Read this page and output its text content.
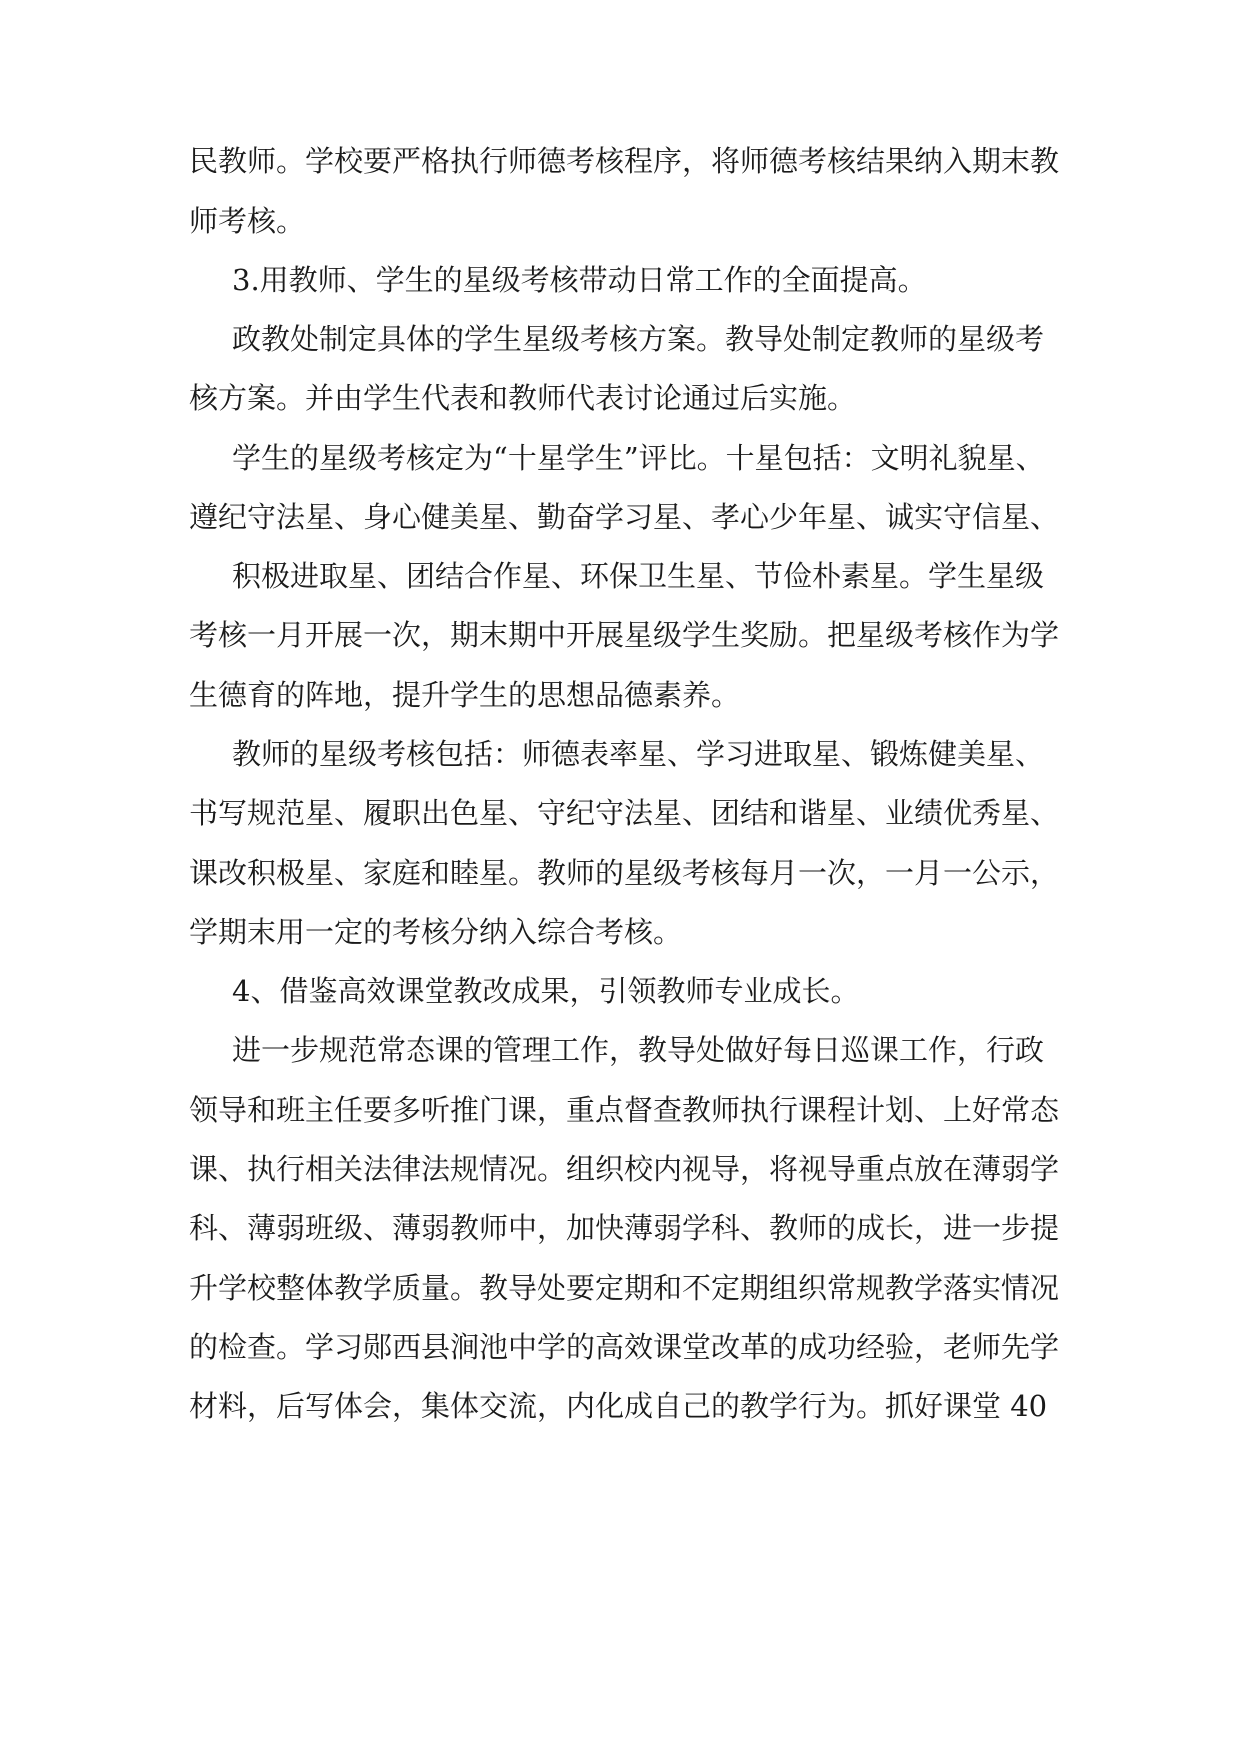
民教师。学校要严格执行师德考核程序，将师德考核结果纳入期末教
师考核。
3.用教师、学生的星级考核带动日常工作的全面提高。
政教处制定具体的学生星级考核方案。教导处制定教师的星级考
核方案。并由学生代表和教师代表讨论通过后实施。
学生的星级考核定为“十星学生”评比。十星包括：文明礼貌星、
遵纪守法星、身心健美星、勤奋学习星、孝心少年星、诚实守信星、
积极进取星、团结合作星、环保卫生星、节俭朴素星。学生星级
考核一月开展一次，期末期中开展星级学生奖励。把星级考核作为学
生德育的阵地，提升学生的思想品德素养。
教师的星级考核包括：师德表率星、学习进取星、锻炼健美星、
书写规范星、履职出色星、守纪守法星、团结和谐星、业绩优秀星、
课改积极星、家庭和睦星。教师的星级考核每月一次，一月一公示，
学期末用一定的考核分纳入综合考核。
4、借鉴高效课堂教改成果，引领教师专业成长。
进一步规范常态课的管理工作，教导处做好每日巡课工作，行政
领导和班主任要多听推门课，重点督查教师执行课程计划、上好常态
课、执行相关法律法规情况。组织校内视导，将视导重点放在薄弱学
科、薄弱班级、薄弱教师中，加快薄弱学科、教师的成长，进一步提
升学校整体教学质量。教导处要定期和不定期组织常规教学落实情况
的检查。学习郧西县涧池中学的高效课堂改革的成功经验，老师先学
材料，后写体会，集体交流，内化成自己的教学行为。抓好课堂 40
